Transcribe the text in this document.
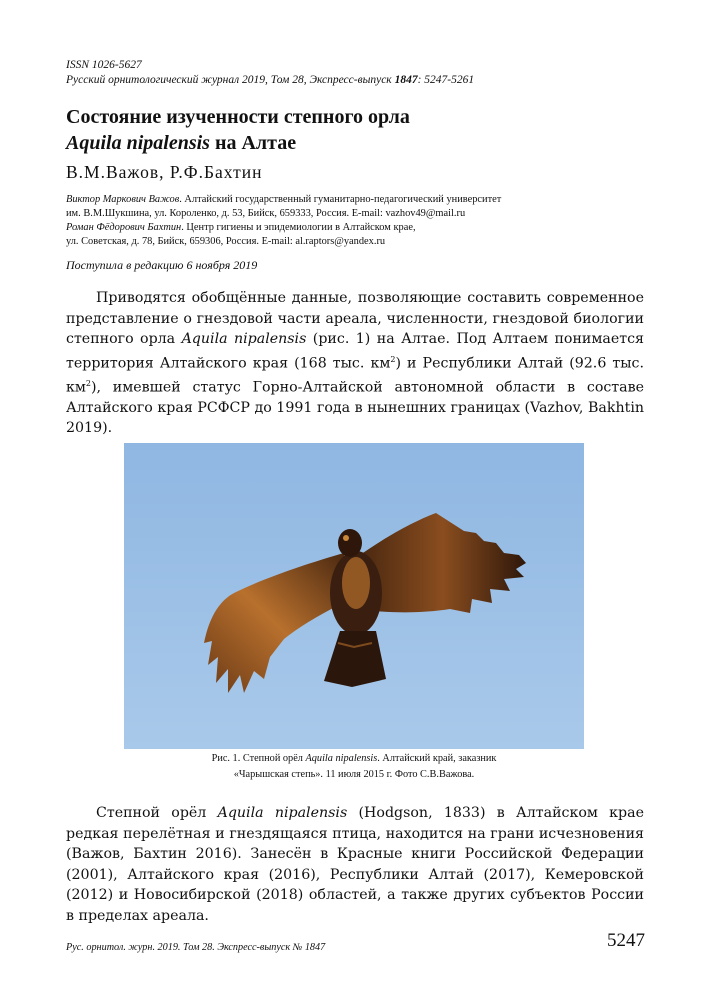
ISSN 1026-5627
Русский орнитологический журнал 2019, Том 28, Экспресс-выпуск 1847: 5247-5261
Состояние изученности степного орла
Aquila nipalensis на Алтае
В.М.Важов, Р.Ф.Бахтин
Виктор Маркович Важов. Алтайский государственный гуманитарно-педагогический университет
им. В.М.Шукшина, ул. Короленко, д. 53, Бийск, 659333, Россия. E-mail: vazhov49@mail.ru
Роман Фёдорович Бахтин. Центр гигиены и эпидемиологии в Алтайском крае,
ул. Советская, д. 78, Бийск, 659306, Россия. E-mail: al.raptors@yandex.ru
Поступила в редакцию 6 ноября 2019

Приводятся обобщённые данные, позволяющие составить современное представление о гнездовой части ареала, численности, гнездовой биологии степного орла Aquila nipalensis (рис. 1) на Алтае. Под Алтаем понимается территория Алтайского края (168 тыс. $км^2$) и Республики Алтай (92.6 тыс. $км^2$), имевшей статус Горно-Алтайской автономной области в составе Алтайского края РСФСР до 1991 года в нынешних границах (Vazhov, Bakhtin 2019).

Рис. 1. Степной орёл Aquila nipalensis. Алтайский край, заказник
«Чарышская степь». 11 июля 2015 г. Фото С.В.Важова.

Степной орёл Aquila nipalensis (Hodgson, 1833) в Алтайском крае редкая перелётная и гнездящаяся птица, находится на грани исчезновения (Важов, Бахтин 2016). Занесён в Красные книги Российской Федерации (2001), Алтайского края (2016), Республики Алтай (2017), Кемеровской (2012) и Новосибирской (2018) областей, а также других субъектов России в пределах ареала.

Рус. орнитол. журн. 2019. Том 28. Экспресс-выпуск № 1847	5247
